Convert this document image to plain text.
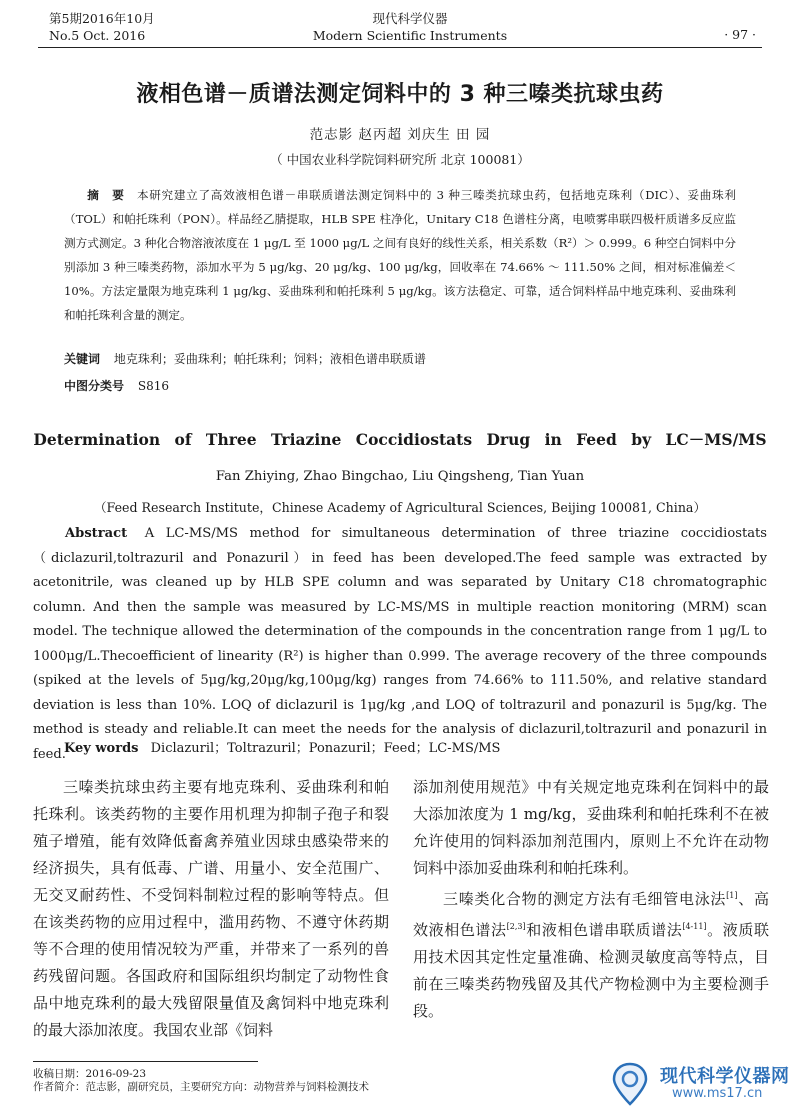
第5期2016年10月
No.5 Oct. 2016
现代科学仪器
Modern Scientific Instruments	· 97 ·
液相色谱－质谱法测定饲料中的 3 种三嗪类抗球虫药
范志影 赵丙超 刘庆生 田 园
（ 中国农业科学院饲料研究所 北京 100081）
摘 要 本研究建立了高效液相色谱－串联质谱法测定饲料中的 3 种三嗪类抗球虫药，包括地克珠利（DIC）、妥曲珠利（TOL）和帕托珠利（PON）。样品经乙腈提取，HLB SPE 柱净化，Unitary C18 色谱柱分离，电喷雾串联四极杆质谱多反应监测方式测定。3 种化合物溶液浓度在 1 μg/L 至 1000 μg/L 之间有良好的线性关系，相关系数（R²）＞ 0.999。6 种空白饲料中分别添加 3 种三嗪类药物，添加水平为 5 μg/kg、20 μg/kg、100 μg/kg，回收率在 74.66% ～ 111.50% 之间，相对标准偏差＜10%。方法定量限为地克珠利 1 μg/kg、妥曲珠利和帕托珠利 5 μg/kg。该方法稳定、可靠，适合饲料样品中地克珠利、妥曲珠利和帕托珠利含量的测定。
关键词 地克珠利；妥曲珠利；帕托珠利；饲料；液相色谱串联质谱
中图分类号 S816
Determination of Three Triazine Coccidiostats Drug in Feed by LC－MS/MS
Fan Zhiying, Zhao Bingchao, Liu Qingsheng, Tian Yuan
（Feed Research Institute，Chinese Academy of Agricultural Sciences, Beijing 100081, China）
Abstract A LC-MS/MS method for simultaneous determination of three triazine coccidiostats（diclazuril,toltrazuril and Ponazuril）in feed has been developed.The feed sample was extracted by acetonitrile, was cleaned up by HLB SPE column and was separated by Unitary C18 chromatographic column. And then the sample was measured by LC-MS/MS in multiple reaction monitoring (MRM) scan model. The technique allowed the determination of the compounds in the concentration range from 1 μg/L to 1000μg/L.Thecoefficient of linearity (R²) is higher than 0.999. The average recovery of the three compounds (spiked at the levels of 5μg/kg,20μg/kg,100μg/kg) ranges from 74.66% to 111.50%, and relative standard deviation is less than 10%. LOQ of diclazuril is 1μg/kg ,and LOQ of toltrazuril and ponazuril is 5μg/kg. The method is steady and reliable.It can meet the needs for the analysis of diclazuril,toltrazuril and ponazuril in feed.
Key words Diclazuril；Toltrazuril；Ponazuril；Feed；LC-MS/MS

三嗪类抗球虫药主要有地克珠利、妥曲珠利和帕托珠利。该类药物的主要作用机理为抑制子孢子和裂殖子增殖，能有效降低畜禽养殖业因球虫感染带来的经济损失，具有低毒、广谱、用量小、安全范围广、无交叉耐药性、不受饲料制粒过程的影响等特点。但在该类药物的应用过程中，滥用药物、不遵守休药期等不合理的使用情况较为严重，并带来了一系列的兽药残留问题。各国政府和国际组织均制定了动物性食品中地克珠利的最大残留限量值及禽饲料中地克珠利的最大添加浓度。我国农业部《饲料

添加剂使用规范》中有关规定地克珠利在饲料中的最大添加浓度为 1 mg/kg，妥曲珠利和帕托珠利不在被允许使用的饲料添加剂范围内，原则上不允许在动物饲料中添加妥曲珠利和帕托珠利。

三嗪类化合物的测定方法有毛细管电泳法[1]、高效液相色谱法[2,3]和液相色谱串联质谱法[4-11]。液质联用技术因其定性定量准确、检测灵敏度高等特点，目前在三嗪类药物残留及其代产物检测中为主要检测手段。

收稿日期：2016-09-23
作者简介：范志影，副研究员，主要研究方向：动物营养与饲料检测技术	现代科学仪器网
www.ms17.cn
